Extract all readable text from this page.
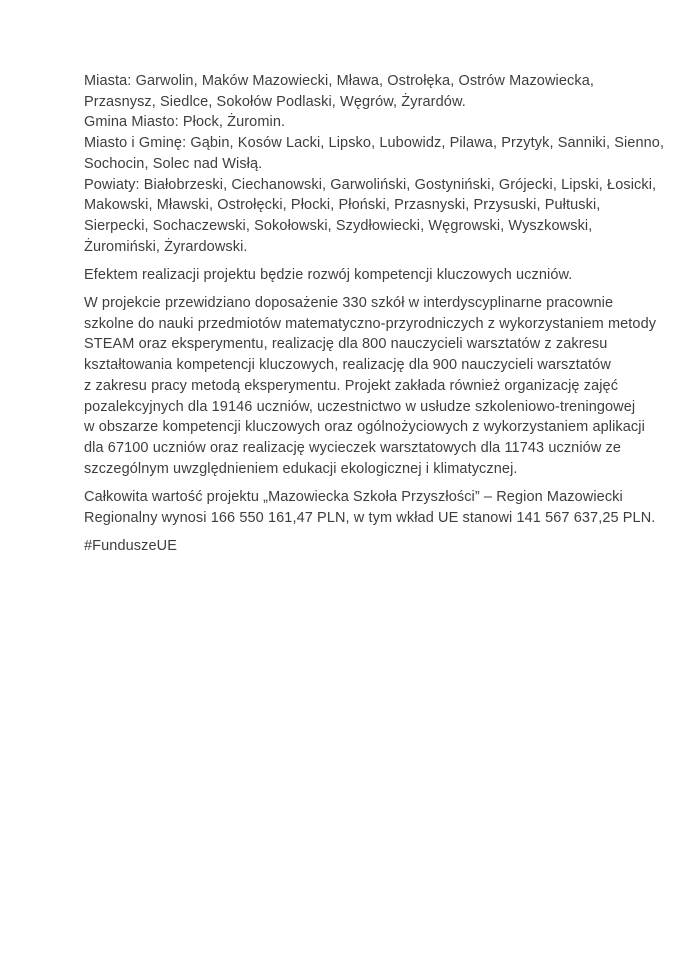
Miasta: Garwolin, Maków Mazowiecki, Mława, Ostrołęka, Ostrów Mazowiecka,
Przasnysz, Siedlce, Sokołów Podlaski, Węgrów, Żyrardów.
Gmina Miasto: Płock, Żuromin.
Miasto i Gminę: Gąbin, Kosów Lacki, Lipsko, Lubowidz, Pilawa, Przytyk, Sanniki, Sienno,
Sochocin, Solec nad Wisłą.
Powiaty: Białobrzeski, Ciechanowski, Garwoliński, Gostyniński, Grójecki, Lipski, Łosicki,
Makowski, Mławski, Ostrołęcki, Płocki, Płoński, Przasnyski, Przysuski, Pułtuski,
Sierpecki, Sochaczewski, Sokołowski, Szydłowiecki, Węgrowski, Wyszkowski,
Żuromiński, Żyrardowski.
Efektem realizacji projektu będzie rozwój kompetencji kluczowych uczniów.
W projekcie przewidziano doposażenie 330 szkół w interdyscyplinarne pracownie
szkolne do nauki przedmiotów matematyczno-przyrodniczych z wykorzystaniem metody
STEAM oraz eksperymentu, realizację dla 800 nauczycieli warsztatów z zakresu
kształtowania kompetencji kluczowych, realizację dla 900 nauczycieli warsztatów
z zakresu pracy metodą eksperymentu. Projekt zakłada również organizację zajęć
pozalekcyjnych dla 19146 uczniów, uczestnictwo w usłudze szkoleniowo-treningowej
w obszarze kompetencji kluczowych oraz ogólnożyciowych z wykorzystaniem aplikacji
dla 67100 uczniów oraz realizację wycieczek warsztatowych dla 11743 uczniów ze
szczególnym uwzględnieniem edukacji ekologicznej i klimatycznej.
Całkowita wartość projektu „Mazowiecka Szkoła Przyszłości” – Region Mazowiecki
Regionalny wynosi 166 550 161,47 PLN, w tym wkład UE stanowi 141 567 637,25 PLN.
#FunduszeUE
